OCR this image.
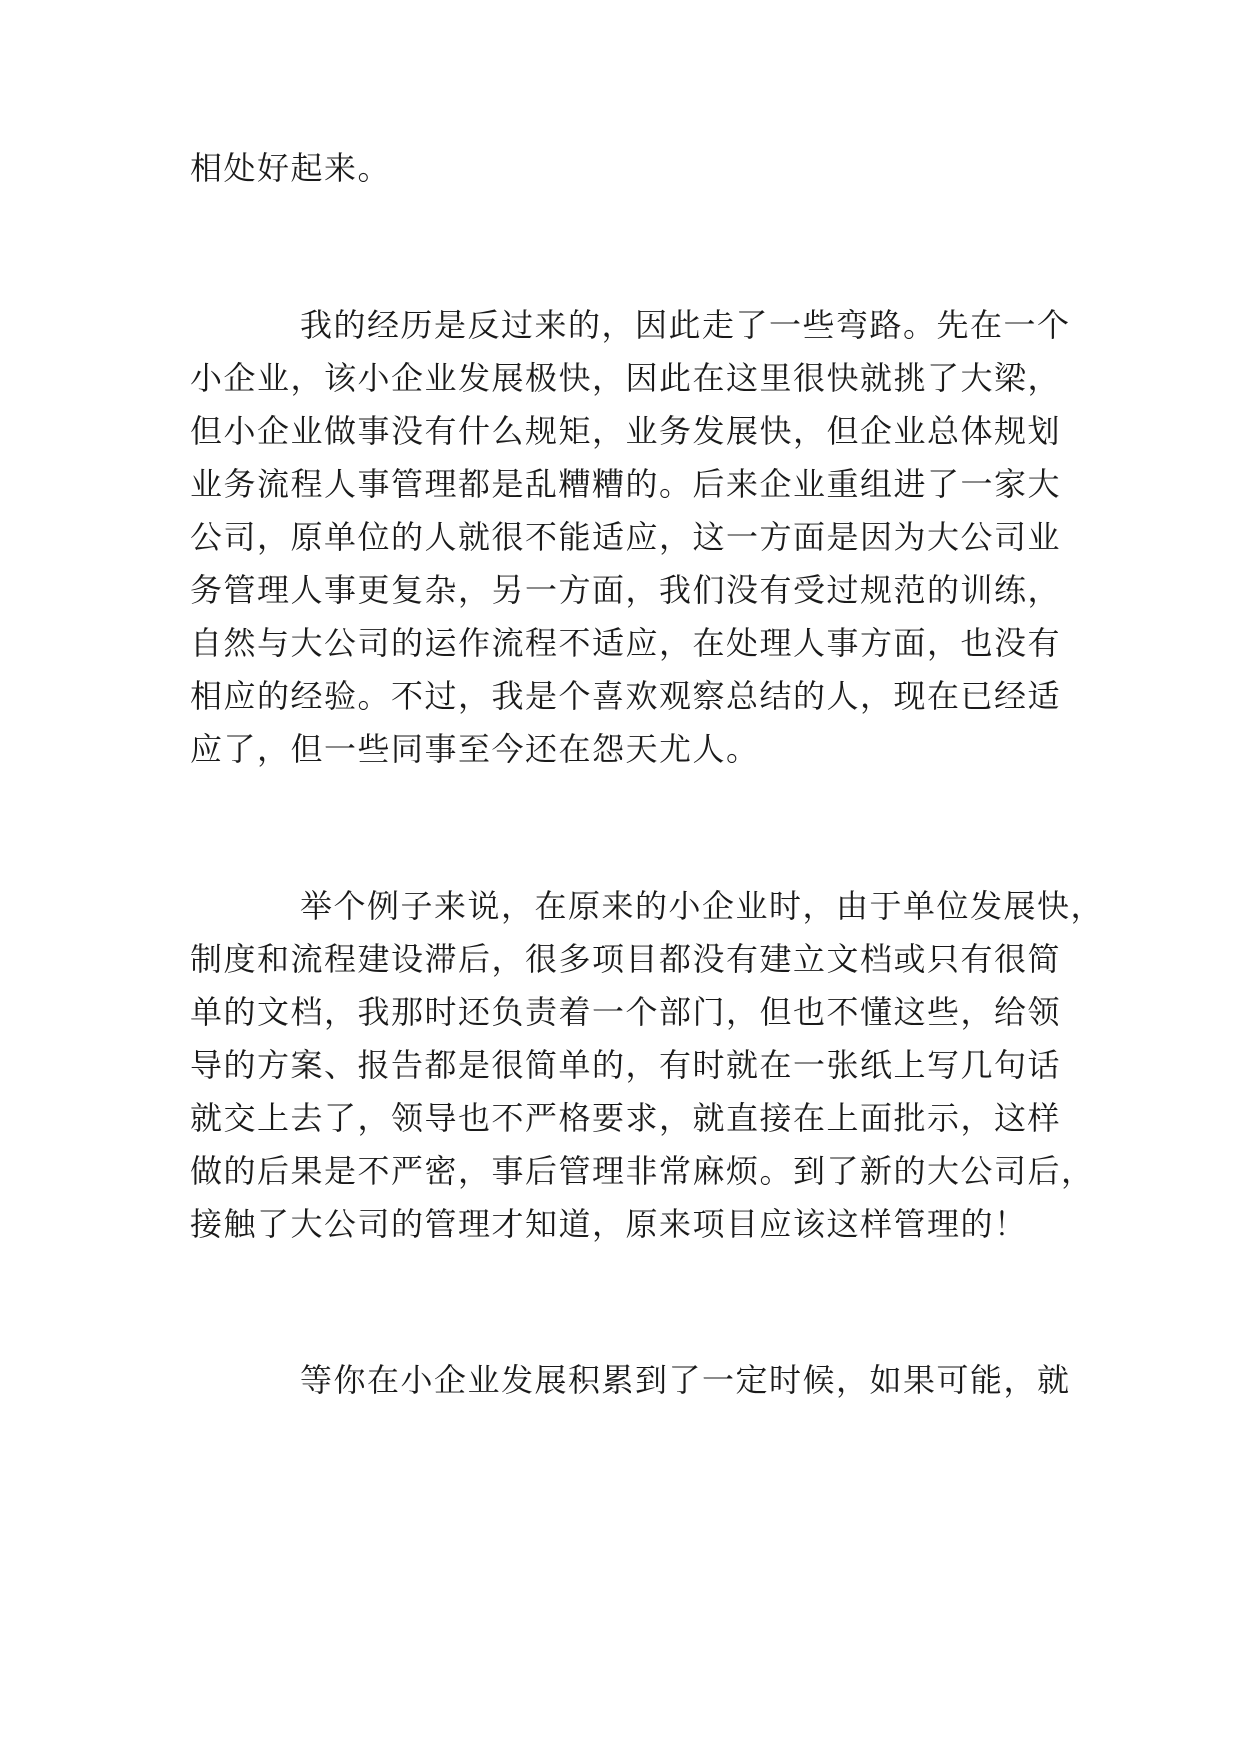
相处好起来。
我的经历是反过来的，因此走了一些弯路。先在一个
小企业，该小企业发展极快，因此在这里很快就挑了大梁，
但小企业做事没有什么规矩，业务发展快，但企业总体规划
业务流程人事管理都是乱糟糟的。后来企业重组进了一家大
公司，原单位的人就很不能适应，这一方面是因为大公司业
务管理人事更复杂，另一方面，我们没有受过规范的训练，
自然与大公司的运作流程不适应，在处理人事方面，也没有
相应的经验。不过，我是个喜欢观察总结的人，现在已经适
应了，但一些同事至今还在怨天尤人。
举个例子来说，在原来的小企业时，由于单位发展快，
制度和流程建设滞后，很多项目都没有建立文档或只有很简
单的文档，我那时还负责着一个部门，但也不懂这些，给领
导的方案、报告都是很简单的，有时就在一张纸上写几句话
就交上去了，领导也不严格要求，就直接在上面批示，这样
做的后果是不严密，事后管理非常麻烦。到了新的大公司后，
接触了大公司的管理才知道，原来项目应该这样管理的！
等你在小企业发展积累到了一定时候，如果可能，就
